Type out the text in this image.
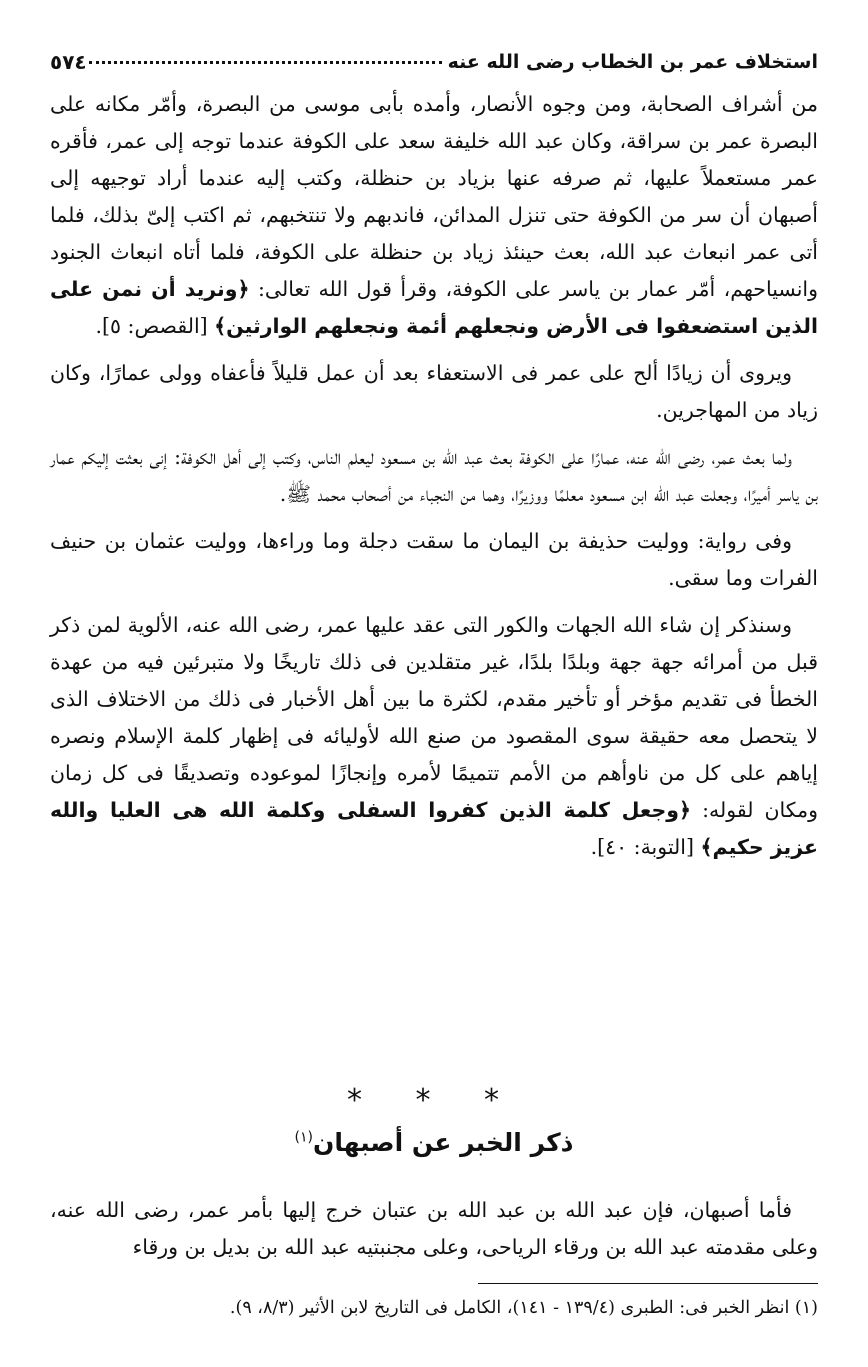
استخلاف عمر بن الخطاب رضى الله عنه
٥٧٤

من أشراف الصحابة، ومن وجوه الأنصار، وأمده بأبى موسى من البصرة، وأمّر مكانه على البصرة عمر بن سراقة، وكان عبد الله خليفة سعد على الكوفة عندما توجه إلى عمر، فأقره عمر مستعملاً عليها، ثم صرفه عنها بزياد بن حنظلة، وكتب إليه عندما أراد توجيهه إلى أصبهان أن سر من الكوفة حتى تنزل المدائن، فاندبهم ولا تنتخبهم، ثم اكتب إلىّ بذلك، فلما أتى عمر انبعاث عبد الله، بعث حينئذ زياد بن حنظلة على الكوفة، فلما أتاه انبعاث الجنود وانسياحهم، أمّر عمار بن ياسر على الكوفة، وقرأ قول الله تعالى: ﴿ونريد أن نمن على الذين استضعفوا فى الأرض ونجعلهم أئمة ونجعلهم الوارثين﴾ [القصص: ٥].

ويروى أن زيادًا ألح على عمر فى الاستعفاء بعد أن عمل قليلاً فأعفاه وولى عمارًا، وكان زياد من المهاجرين.

ولما بعث عمر، رضى الله عنه، عمارًا على الكوفة بعث عبد الله بن مسعود ليعلم الناس، وكتب إلى أهل الكوفة: إنى بعثت إليكم عمار بن ياسر أميرًا، وجعلت عبد الله ابن مسعود معلمًا ووزيرًا، وهما من النجباء من أصحاب محمد ﷺ.

وفى رواية: ووليت حذيفة بن اليمان ما سقت دجلة وما وراءها، ووليت عثمان بن حنيف الفرات وما سقى.

وسنذكر إن شاء الله الجهات والكور التى عقد عليها عمر، رضى الله عنه، الألوية لمن ذكر قبل من أمرائه جهة جهة وبلدًا بلدًا، غير متقلدين فى ذلك تاريخًا ولا متبرئين فيه من عهدة الخطأ فى تقديم مؤخر أو تأخير مقدم، لكثرة ما بين أهل الأخبار فى ذلك من الاختلاف الذى لا يتحصل معه حقيقة سوى المقصود من صنع الله لأوليائه فى إظهار كلمة الإسلام ونصره إياهم على كل من ناوأهم من الأمم تتميمًا لأمره وإنجازًا لموعوده وتصديقًا فى كل زمان ومكان لقوله: ﴿وجعل كلمة الذين كفروا السفلى وكلمة الله هى العليا والله عزيز حكيم﴾ [التوبة: ٤٠].

* * *
ذكر الخبر عن أصبهان$^{(١)}$

فأما أصبهان، فإن عبد الله بن عبد الله بن عتبان خرج إليها بأمر عمر، رضى الله عنه، وعلى مقدمته عبد الله بن ورقاء الرياحى، وعلى مجنبتيه عبد الله بن بديل بن ورقاء

(١) انظر الخبر فى: الطبرى (١٣٩/٤ - ١٤١)، الكامل فى التاريخ لابن الأثير (٨/٣، ٩).
